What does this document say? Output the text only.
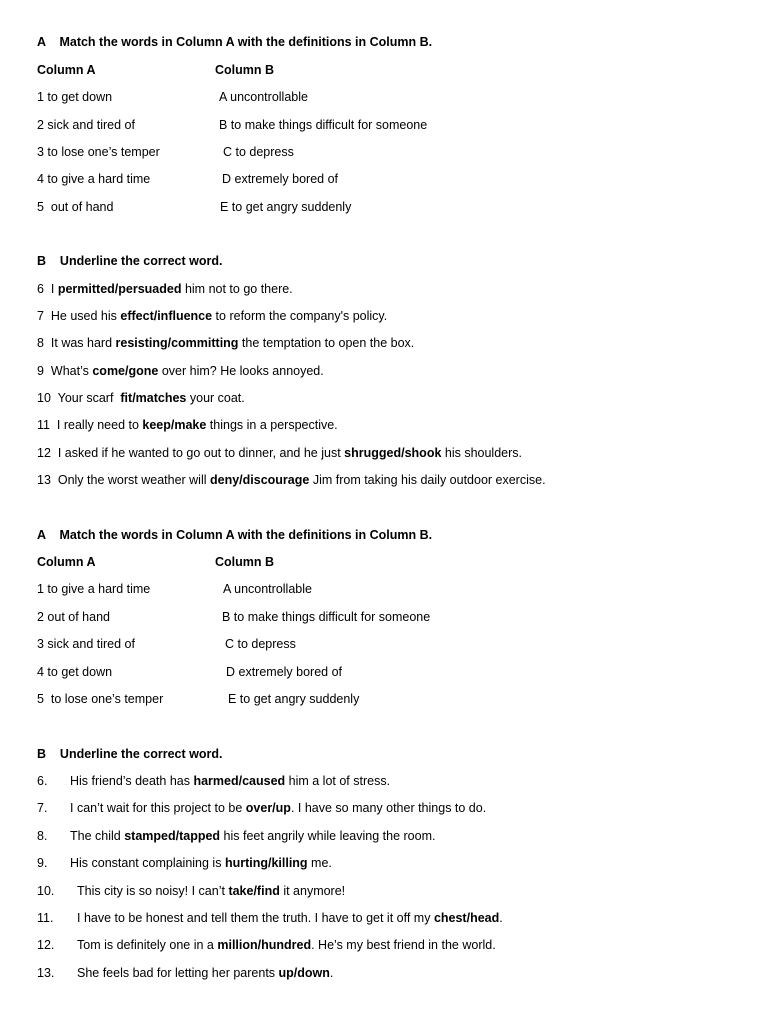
A    Match the words in Column A with the definitions in Column B.
Column A	Column B
1 to get down	A uncontrollable
2 sick and tired of	B to make things difficult for someone
3 to lose one’s temper	C to depress
4 to give a hard time	D extremely bored of
5  out of hand	E to get angry suddenly
B    Underline the correct word.
6  I permitted/persuaded him not to go there.
7  He used his effect/influence to reform the company's policy.
8  It was hard resisting/committing the temptation to open the box.
9  What’s come/gone over him? He looks annoyed.
10  Your scarf  fit/matches your coat.
11  I really need to keep/make things in a perspective.
12  I asked if he wanted to go out to dinner, and he just shrugged/shook his shoulders.
13  Only the worst weather will deny/discourage Jim from taking his daily outdoor exercise.
A    Match the words in Column A with the definitions in Column B.
Column A	Column B
1 to give a hard time	A uncontrollable
2 out of hand	B to make things difficult for someone
3 sick and tired of	C to depress
4 to get down	D extremely bored of
5  to lose one’s temper	E to get angry suddenly
B    Underline the correct word.
6. His friend’s death has harmed/caused him a lot of stress.
7. I can’t wait for this project to be over/up. I have so many other things to do.
8. The child stamped/tapped his feet angrily while leaving the room.
9. His constant complaining is hurting/killing me.
10. This city is so noisy! I can’t take/find it anymore!
11. I have to be honest and tell them the truth. I have to get it off my chest/head.
12. Tom is definitely one in a million/hundred. He’s my best friend in the world.
13. She feels bad for letting her parents up/down.
